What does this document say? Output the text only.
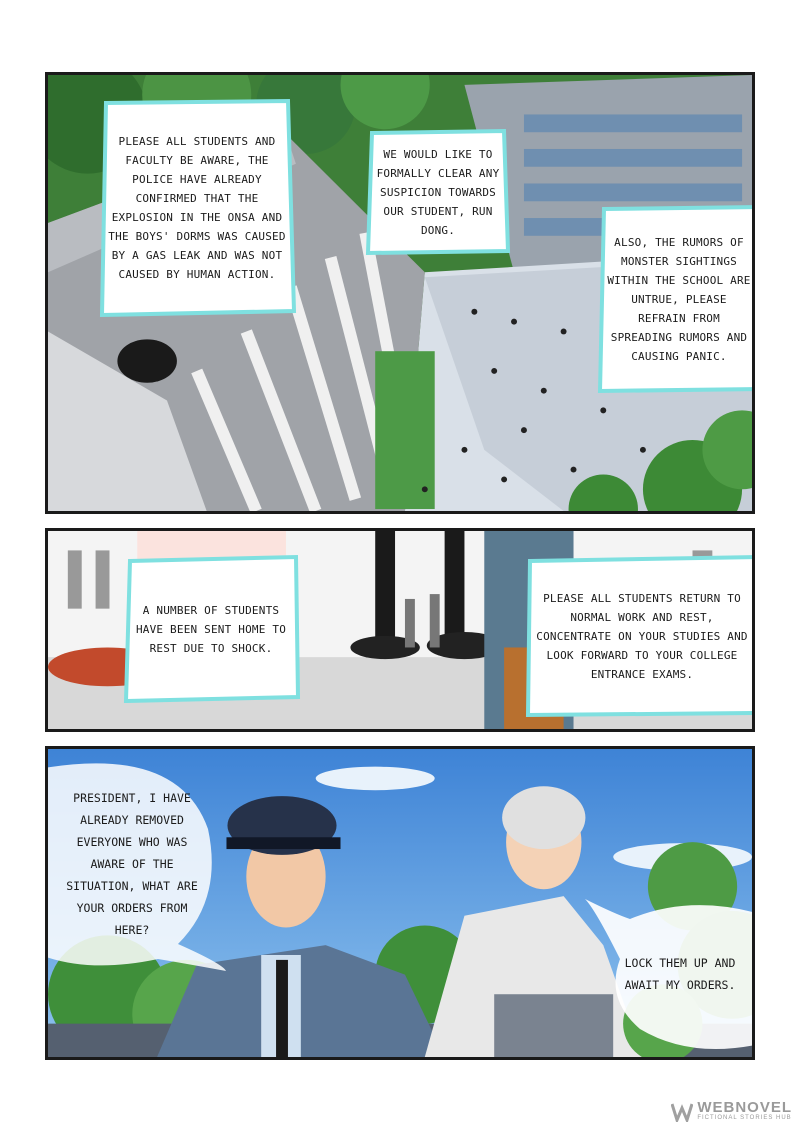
PLEASE ALL STUDENTS AND FACULTY BE AWARE, THE POLICE HAVE ALREADY CONFIRMED THAT THE EXPLOSION IN THE ONSA AND THE BOYS' DORMS WAS CAUSED BY A GAS LEAK AND WAS NOT CAUSED BY HUMAN ACTION.
WE WOULD LIKE TO FORMALLY CLEAR ANY SUSPICION TOWARDS OUR STUDENT, RUN DONG.
ALSO, THE RUMORS OF MONSTER SIGHTINGS WITHIN THE SCHOOL ARE UNTRUE, PLEASE REFRAIN FROM SPREADING RUMORS AND CAUSING PANIC.
A NUMBER OF STUDENTS HAVE BEEN SENT HOME TO REST DUE TO SHOCK.
PLEASE ALL STUDENTS RETURN TO NORMAL WORK AND REST, CONCENTRATE ON YOUR STUDIES AND LOOK FORWARD TO YOUR COLLEGE ENTRANCE EXAMS.
PRESIDENT, I HAVE ALREADY REMOVED EVERYONE WHO WAS AWARE OF THE SITUATION, WHAT ARE YOUR ORDERS FROM HERE?
LOCK THEM UP AND AWAIT MY ORDERS.
WEBNOVEL
FICTIONAL STORIES HUB
